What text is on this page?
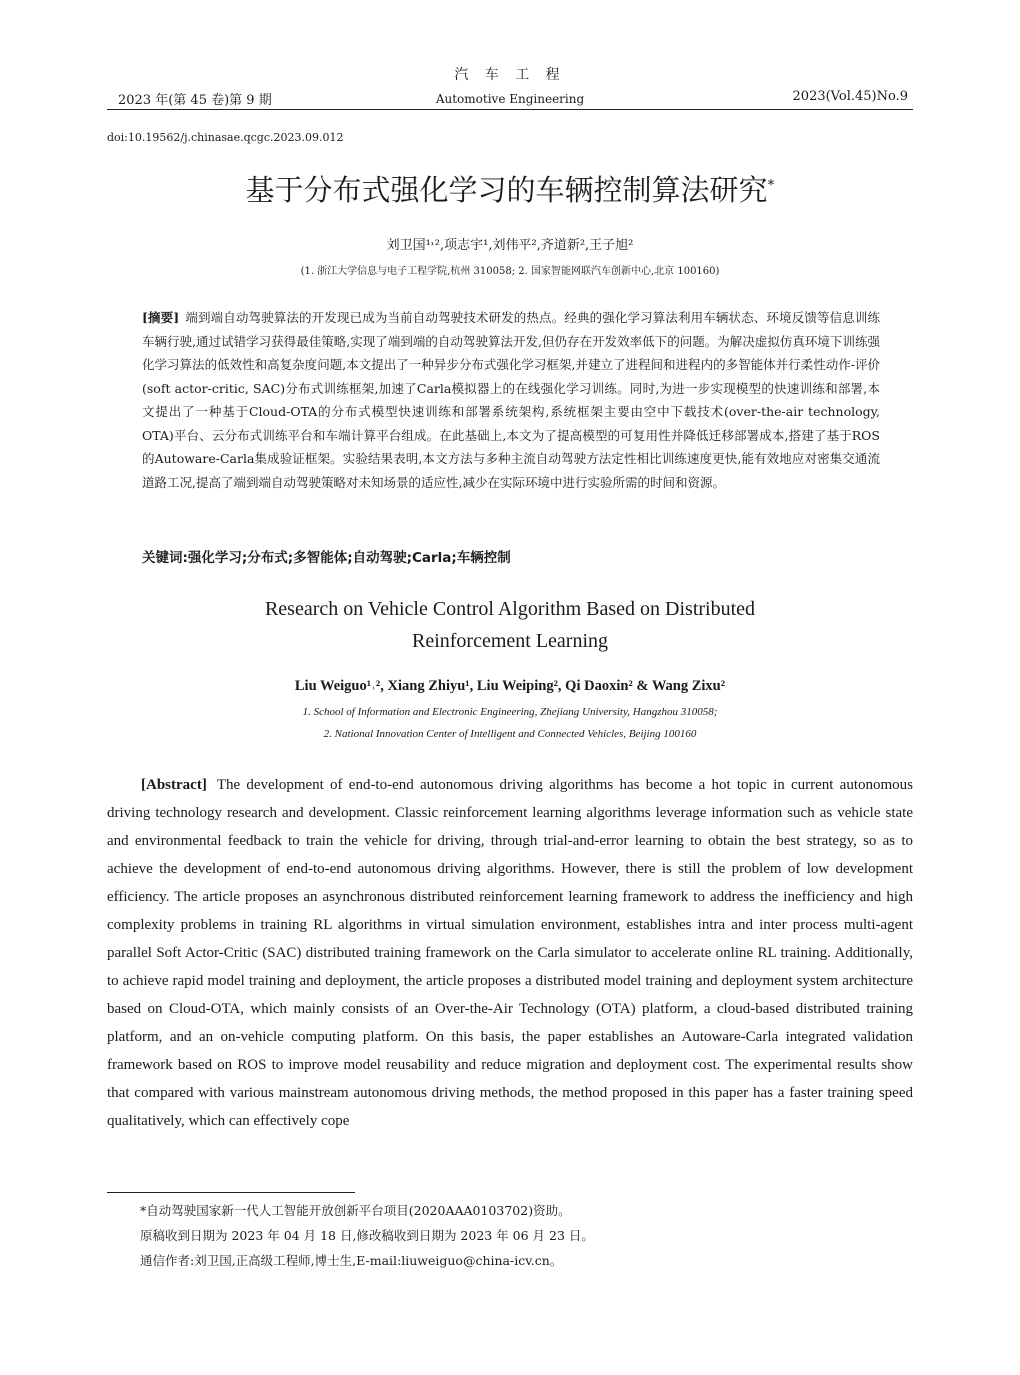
汽 车 工 程
2023 年(第 45 卷)第 9 期	Automotive Engineering	2023(Vol.45)No.9
doi:10.19562/j.chinasae.qcgc.2023.09.012
基于分布式强化学习的车辆控制算法研究*
刘卫国¹˒²,项志宇¹,刘伟平²,齐道新²,王子旭²
(1. 浙江大学信息与电子工程学院,杭州 310058; 2. 国家智能网联汽车创新中心,北京 100160)
[摘要] 端到端自动驾驶算法的开发现已成为当前自动驾驶技术研发的热点。经典的强化学习算法利用车辆状态、环境反馈等信息训练车辆行驶,通过试错学习获得最佳策略,实现了端到端的自动驾驶算法开发,但仍存在开发效率低下的问题。为解决虚拟仿真环境下训练强化学习算法的低效性和高复杂度问题,本文提出了一种异步分布式强化学习框架,并建立了进程间和进程内的多智能体并行柔性动作-评价(soft actor-critic, SAC)分布式训练框架,加速了Carla模拟器上的在线强化学习训练。同时,为进一步实现模型的快速训练和部署,本文提出了一种基于Cloud-OTA的分布式模型快速训练和部署系统架构,系统框架主要由空中下载技术(over-the-air technology, OTA)平台、云分布式训练平台和车端计算平台组成。在此基础上,本文为了提高模型的可复用性并降低迁移部署成本,搭建了基于ROS的Autoware-Carla集成验证框架。实验结果表明,本文方法与多种主流自动驾驶方法定性相比训练速度更快,能有效地应对密集交通流道路工况,提高了端到端自动驾驶策略对未知场景的适应性,减少在实际环境中进行实验所需的时间和资源。
关键词:强化学习;分布式;多智能体;自动驾驶;Carla;车辆控制
Research on Vehicle Control Algorithm Based on Distributed
Reinforcement Learning
Liu Weiguo¹˒², Xiang Zhiyu¹, Liu Weiping², Qi Daoxin² & Wang Zixu²
1. School of Information and Electronic Engineering, Zhejiang University, Hangzhou 310058;
2. National Innovation Center of Intelligent and Connected Vehicles, Beijing 100160
[Abstract] The development of end-to-end autonomous driving algorithms has become a hot topic in current autonomous driving technology research and development. Classic reinforcement learning algorithms leverage information such as vehicle state and environmental feedback to train the vehicle for driving, through trial-and-error learning to obtain the best strategy, so as to achieve the development of end-to-end autonomous driving algorithms. However, there is still the problem of low development efficiency. The article proposes an asynchronous distributed reinforcement learning framework to address the inefficiency and high complexity problems in training RL algorithms in virtual simulation environment, establishes intra and inter process multi-agent parallel Soft Actor-Critic (SAC) distributed training framework on the Carla simulator to accelerate online RL training. Additionally, to achieve rapid model training and deployment, the article proposes a distributed model training and deployment system architecture based on Cloud-OTA, which mainly consists of an Over-the-Air Technology (OTA) platform, a cloud-based distributed training platform, and an on-vehicle computing platform. On this basis, the paper establishes an Autoware-Carla integrated validation framework based on ROS to improve model reusability and reduce migration and deployment cost. The experimental results show that compared with various mainstream autonomous driving methods, the method proposed in this paper has a faster training speed qualitatively, which can effectively cope
*自动驾驶国家新一代人工智能开放创新平台项目(2020AAA0103702)资助。
原稿收到日期为 2023 年 04 月 18 日,修改稿收到日期为 2023 年 06 月 23 日。
通信作者:刘卫国,正高级工程师,博士生,E-mail:liuweiguo@china-icv.cn。
